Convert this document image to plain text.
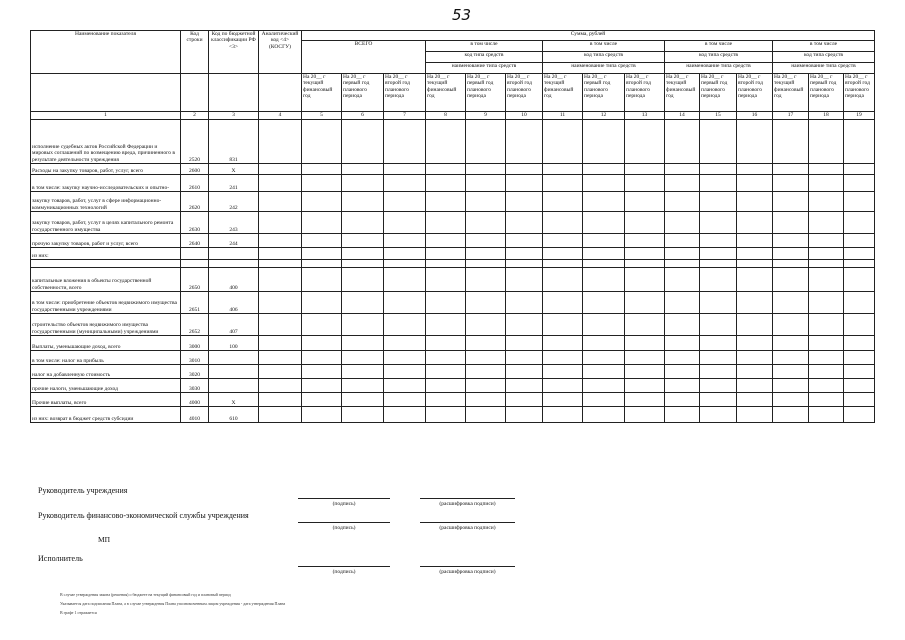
53
Наименование показателя	Код строки	Код по бюджетной классификации РФ <3>	Аналитический код <4> (КОСГУ)	Сумма, рублей														
				ВСЕГО			в том числе			в том числе			в том числе			в том числе		
							код типа средств			код типа средств			код типа средств			код типа средств		
							наименование типа средств			наименование типа средств			наименование типа средств			наименование типа средств		
				На 20__ г текущий финансовый год	На 20__ г первый год планового периода	На 20__ г второй год планового периода	На 20__ г текущий финансовый год	На 20__ г первый год планового периода	На 20__ г второй год планового периода	На 20__ г текущий финансовый год	На 20__ г первый год планового периода	На 20__ г второй год планового периода	На 20__ г текущий финансовый год	На 20__ г первый год планового периода	На 20__ г второй год планового периода	На 20__ г текущий финансовый год	На 20__ г первый год планового периода	На 20__ г второй год планового периода
1	2	3	4	5	6	7	8	9	10	11	12	13	14	15	16	17	18	19
исполнение судебных актов Российской Федерации и мировых соглашений по возмещению вреда, причиненного в результате деятельности учреждения	2520	831																
Расходы на закупку товаров, работ, услуг, всего	2600	X																
в том числе: закупку научно-исследовательских и опытно-	2610	241																
закупку товаров, работ, услуг в сфере информационно-коммуникационных технологий	2620	242																
закупку товаров, работ, услуг в целях капитального ремонта государственного имущества	2630	243																
прочую закупку товаров, работ и услуг, всего	2640	244																
из них:																		

капитальные вложения в объекты государственной собственности, всего	2650	400																
в том числе: приобретение объектов недвижимого имущества государственными учреждениями	2651	406																
строительство объектов недвижимого имущества государственными (муниципальными) учреждениями	2652	407																
Выплаты, уменьшающие доход, всего	3000	100																
в том числе: налог на прибыль	3010																	
налог на добавленную стоимость	3020																	
прочие налоги, уменьшающие доход	3030																	
Прочие выплаты, всего	4000	X																
из них: возврат в бюджет средств субсидии	4010	610																
Руководитель учреждения
(подпись)	(расшифровка подписи)
Руководитель финансово-экономической службы учреждения
(подпись)	(расшифровка подписи)
МП
Исполнитель
(подпись)	(расшифровка подписи)
В случае утверждения закона (решения) о бюджете на текущий финансовый год и плановый период
Указывается дата подписания Плана, а в случае утверждения Плана уполномоченным лицом учреждения - дата утверждения Плана
В графе 1 отражается
